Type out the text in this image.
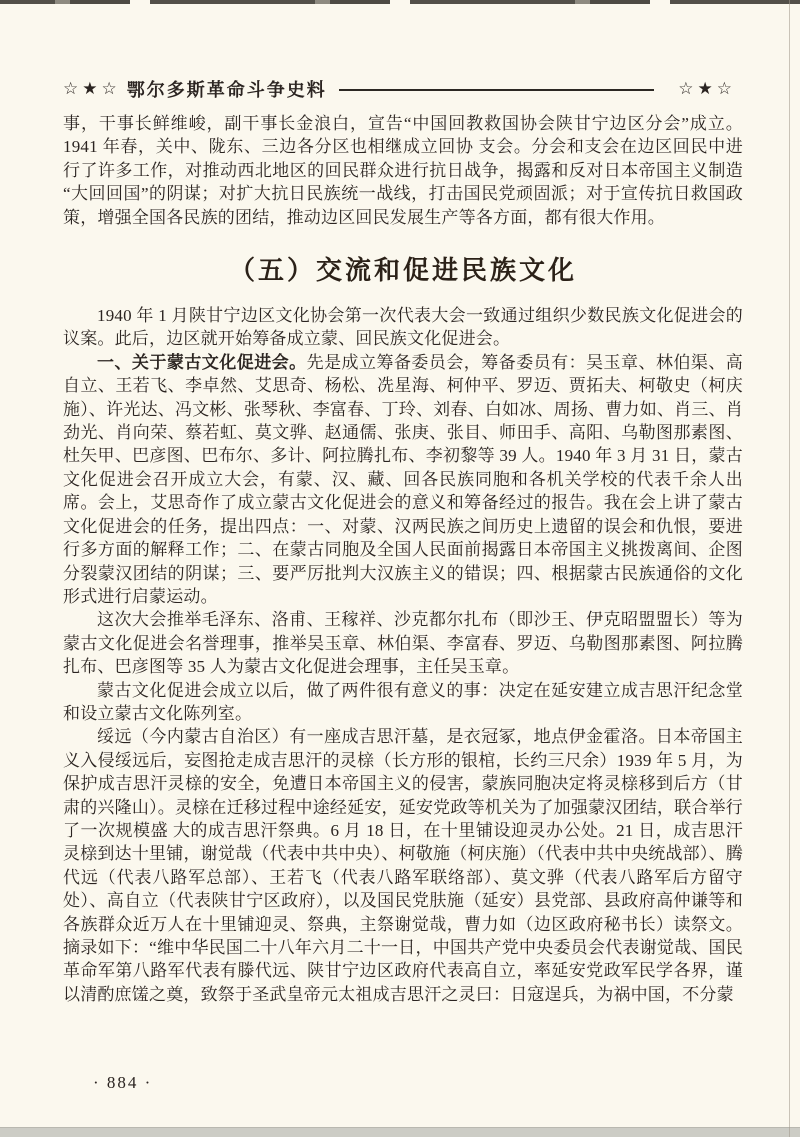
☆★☆ 鄂尔多斯革命斗争史料	☆★☆

事，干事长鲜维峻，副干事长金浪白，宣告“中国回教救国协会陕甘宁边区分会”成立。1941 年春，关中、陇东、三边各分区也相继成立回协 支会。分会和支会在边区回民中进行了许多工作，对推动西北地区的回民群众进行抗日战争，揭露和反对日本帝国主义制造“大回回国”的阴谋；对扩大抗日民族统一战线，打击国民党顽固派；对于宣传抗日救国政策，增强全国各民族的团结，推动边区回民发展生产等各方面，都有很大作用。

（五）交流和促进民族文化

1940 年 1 月陕甘宁边区文化协会第一次代表大会一致通过组织少数民族文化促进会的议案。此后，边区就开始筹备成立蒙、回民族文化促进会。

一、关于蒙古文化促进会。先是成立筹备委员会，筹备委员有：吴玉章、林伯渠、高自立、王若飞、李卓然、艾思奇、杨松、冼星海、柯仲平、罗迈、贾拓夫、柯敬史（柯庆施）、许光达、冯文彬、张琴秋、李富春、丁玲、刘春、白如冰、周扬、曹力如、肖三、肖劲光、肖向荣、蔡若虹、莫文骅、赵通儒、张庚、张目、师田手、高阳、乌勒图那素图、杜矢甲、巴彦图、巴布尔、多计、阿拉腾扎布、李初黎等 39 人。1940 年 3 月 31 日，蒙古文化促进会召开成立大会，有蒙、汉、藏、回各民族同胞和各机关学校的代表千余人出席。会上，艾思奇作了成立蒙古文化促进会的意义和筹备经过的报告。我在会上讲了蒙古文化促进会的任务，提出四点：一、对蒙、汉两民族之间历史上遗留的误会和仇恨，要进行多方面的解释工作；二、在蒙古同胞及全国人民面前揭露日本帝国主义挑拨离间、企图分裂蒙汉团结的阴谋；三、要严厉批判大汉族主义的错误；四、根据蒙古民族通俗的文化形式进行启蒙运动。

这次大会推举毛泽东、洛甫、王稼祥、沙克都尔扎布（即沙王、伊克昭盟盟长）等为蒙古文化促进会名誉理事，推举吴玉章、林伯渠、李富春、罗迈、乌勒图那素图、阿拉腾扎布、巴彦图等 35 人为蒙古文化促进会理事，主任吴玉章。

蒙古文化促进会成立以后，做了两件很有意义的事：决定在延安建立成吉思汗纪念堂和设立蒙古文化陈列室。

绥远（今内蒙古自治区）有一座成吉思汗墓，是衣冠冢，地点伊金霍洛。日本帝国主义入侵绥远后，妄图抢走成吉思汗的灵榇（长方形的银棺，长约三尺余）1939 年 5 月，为保护成吉思汗灵榇的安全，免遭日本帝国主义的侵害，蒙族同胞决定将灵榇移到后方（甘肃的兴隆山）。灵榇在迁移过程中途经延安，延安党政等机关为了加强蒙汉团结，联合举行了一次规模盛 大的成吉思汗祭典。6 月 18 日，在十里铺设迎灵办公处。21 日，成吉思汗灵榇到达十里铺，谢觉哉（代表中共中央）、柯敬施（柯庆施）（代表中共中央统战部）、腾代远（代表八路军总部）、王若飞（代表八路军联络部）、莫文骅（代表八路军后方留守处）、高自立（代表陕甘宁区政府），以及国民党肤施（延安）县党部、县政府高仲谦等和各族群众近万人在十里铺迎灵、祭典，主祭谢觉哉，曹力如（边区政府秘书长）读祭文。摘录如下：“维中华民国二十八年六月二十一日，中国共产党中央委员会代表谢觉哉、国民革命军第八路军代表有滕代远、陕甘宁边区政府代表高自立，率延安党政军民学各界，谨以清酌庶馐之奠，致祭于圣武皇帝元太祖成吉思汗之灵曰：日寇逞兵，为祸中国，不分蒙

· 884 ·
